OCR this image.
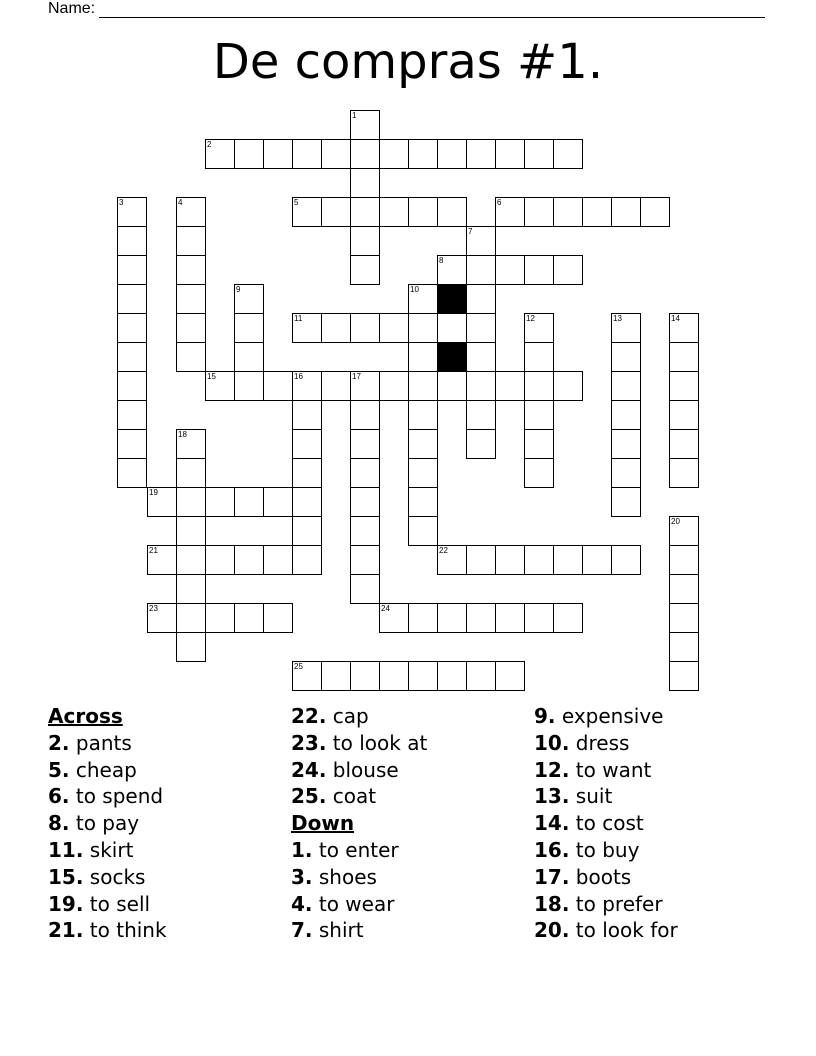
Name:
De compras #1.
1
2
3	4	5	6
7
8
9	10
11	12	13	14
15	16	17
18
19
20
21	22
23	24
25
Across
2. pants
5. cheap
6. to spend
8. to pay
11. skirt
15. socks
19. to sell
21. to think
22. cap
23. to look at
24. blouse
25. coat
Down
1. to enter
3. shoes
4. to wear
7. shirt
9. expensive
10. dress
12. to want
13. suit
14. to cost
16. to buy
17. boots
18. to prefer
20. to look for
